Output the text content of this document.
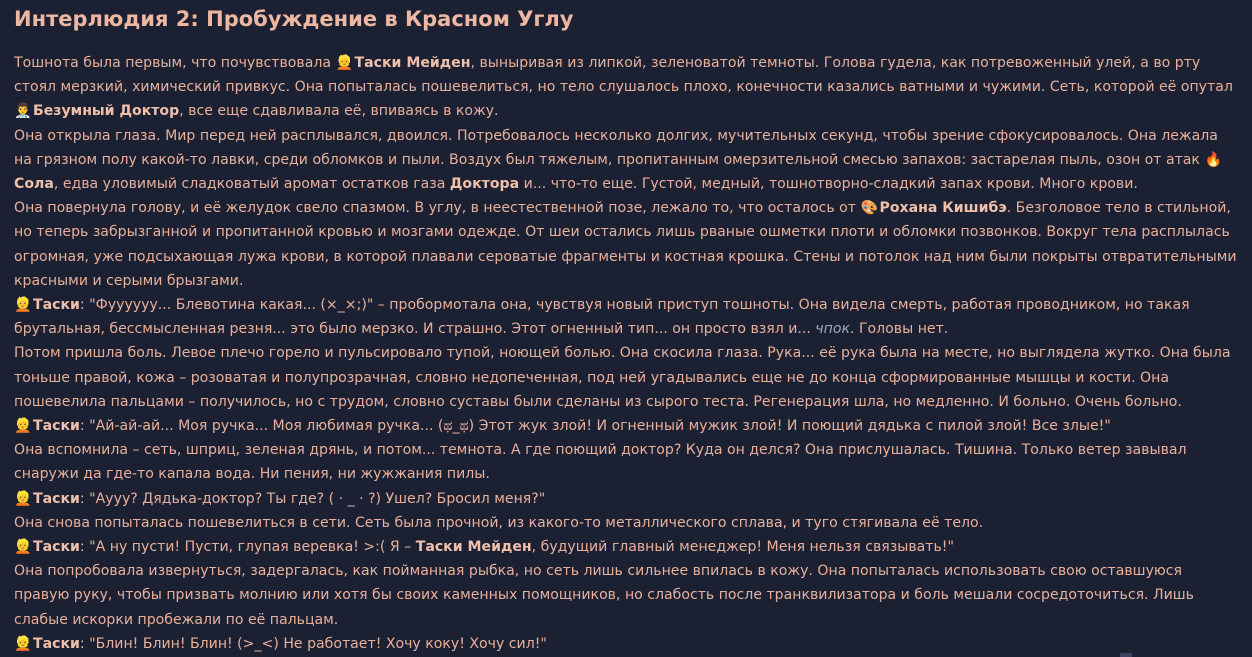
Интерлюдия 2: Пробуждение в Красном Углу

Тошнота была первым, что почувствовала 👱Таски Мейден, выныривая из липкой, зеленоватой темноты. Голова гудела, как потревоженный улей, а во рту стоял мерзкий, химический привкус. Она попыталась пошевелиться, но тело слушалось плохо, конечности казались ватными и чужими. Сеть, которой её опутал 👨‍⚕️Безумный Доктор, все еще сдавливала её, впиваясь в кожу.

Она открыла глаза. Мир перед ней расплывался, двоился. Потребовалось несколько долгих, мучительных секунд, чтобы зрение сфокусировалось. Она лежала на грязном полу какой-то лавки, среди обломков и пыли. Воздух был тяжелым, пропитанным омерзительной смесью запахов: застарелая пыль, озон от атак 🔥 Сола, едва уловимый сладковатый аромат остатков газа Доктора и... что-то еще. Густой, медный, тошнотворно-сладкий запах крови. Много крови.

Она повернула голову, и её желудок свело спазмом. В углу, в неестественной позе, лежало то, что осталось от 🎨Рохана Кишибэ. Безголовое тело в стильной, но теперь забрызганной и пропитанной кровью и мозгами одежде. От шеи остались лишь рваные ошметки плоти и обломки позвонков. Вокруг тела расплылась огромная, уже подсыхающая лужа крови, в которой плавали сероватые фрагменты и костная крошка. Стены и потолок над ним были покрыты отвратительными красными и серыми брызгами.

👱Таски: "Фуууууу... Блевотина какая... (×_×;)" – пробормотала она, чувствуя новый приступ тошноты. Она видела смерть, работая проводником, но такая брутальная, бессмысленная резня... это было мерзко. И страшно. Этот огненный тип... он просто взял и... чпок. Головы нет.

Потом пришла боль. Левое плечо горело и пульсировало тупой, ноющей болью. Она скосила глаза. Рука... её рука была на месте, но выглядела жутко. Она была тоньше правой, кожа – розоватая и полупрозрачная, словно недопеченная, под ней угадывались еще не до конца сформированные мышцы и кости. Она пошевелила пальцами – получилось, но с трудом, словно суставы были сделаны из сырого теста. Регенерация шла, но медленно. И больно. Очень больно.

👱Таски: "Ай-ай-ай... Моя ручка... Моя любимая ручка... (ಥ_ಥ) Этот жук злой! И огненный мужик злой! И поющий дядька с пилой злой! Все злые!"

Она вспомнила – сеть, шприц, зеленая дрянь, и потом... темнота. А где поющий доктор? Куда он делся? Она прислушалась. Тишина. Только ветер завывал снаружи да где-то капала вода. Ни пения, ни жужжания пилы.

👱Таски: "Аууу? Дядька-доктор? Ты где? ( · _ · ?) Ушел? Бросил меня?"

Она снова попыталась пошевелиться в сети. Сеть была прочной, из какого-то металлического сплава, и туго стягивала её тело.

👱Таски: "А ну пусти! Пусти, глупая веревка! >:( Я – Таски Мейден, будущий главный менеджер! Меня нельзя связывать!"

Она попробовала извернуться, задергалась, как пойманная рыбка, но сеть лишь сильнее впилась в кожу. Она попыталась использовать свою оставшуюся правую руку, чтобы призвать молнию или хотя бы своих каменных помощников, но слабость после транквилизатора и боль мешали сосредоточиться. Лишь слабые искорки пробежали по её пальцам.

👱Таски: "Блин! Блин! Блин! (>_<) Не работает! Хочу коку! Хочу сил!"
